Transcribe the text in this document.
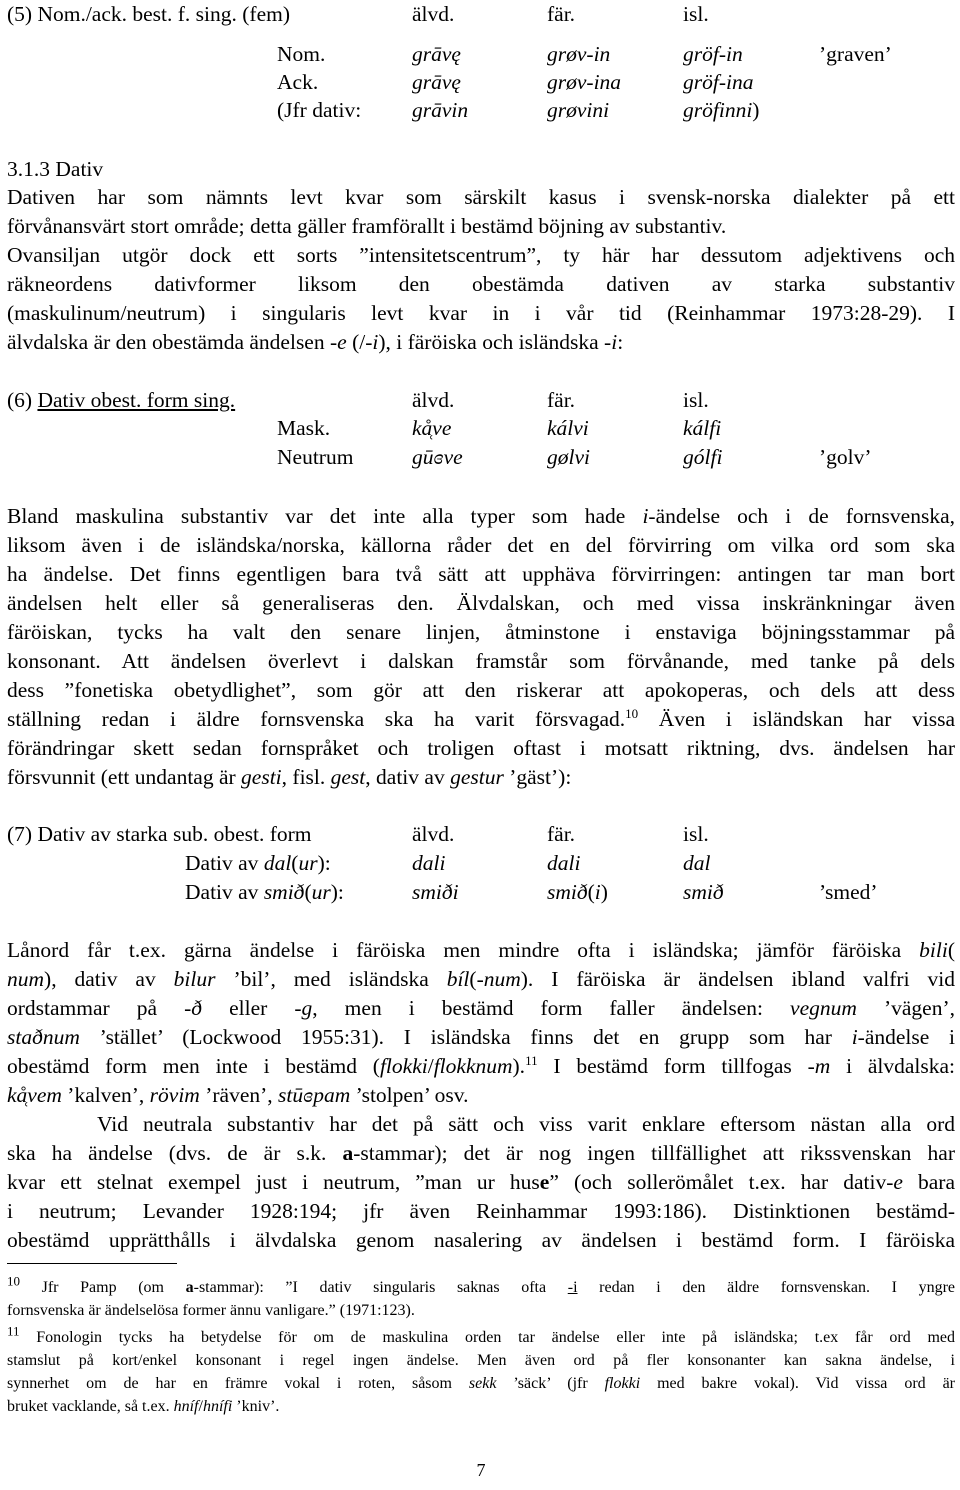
(5) Nom./ack. best. f. sing. (fem)	älvd.	fär.	isl.
Nom.	grāvę	grøv-in	gröf-in	’graven’
Ack.	grāvę	grøv-ina	gröf-ina
(Jfr dativ: grāvin	grøvini	gröfinni)
3.1.3 Dativ
Dativen har som nämnts levt kvar som särskilt kasus i svensk-norska dialekter på ett
förvånansvärt stort område; detta gäller framförallt i bestämd böjning av substantiv.
Ovansiljan utgör dock ett sorts ”intensitetscentrum”, ty här har dessutom adjektivens och
räkneordens dativformer liksom den obestämda dativen av starka substantiv
(maskulinum/neutrum) i singularis levt kvar in i vår tid (Reinhammar 1973:28-29). I
älvdalska är den obestämda ändelsen -e (/-i), i färöiska och isländska -i:
(6) Dativ obest. form sing.	älvd.	fär.	isl.
Mask.	kå̜ve	kálvi	kálfi
Neutrum	gūɞve	gølvi	gólfi	’golv’
Bland maskulina substantiv var det inte alla typer som hade i-ändelse och i de fornsvenska,
liksom även i de isländska/norska, källorna råder det en del förvirring om vilka ord som ska
ha ändelse. Det finns egentligen bara två sätt att upphäva förvirringen: antingen tar man bort
ändelsen helt eller så generaliseras den. Älvdalskan, och med vissa inskränkningar även
färöiskan, tycks ha valt den senare linjen, åtminstone i enstaviga böjningsstammar på
konsonant. Att ändelsen överlevt i dalskan framstår som förvånande, med tanke på dels
dess ”fonetiska obetydlighet”, som gör att den riskerar att apokoperas, och dels att dess
ställning redan i äldre fornsvenska ska ha varit försvagad.$^{10}$ Även i isländskan har vissa
förändringar skett sedan fornspråket och troligen oftast i motsatt riktning, dvs. ändelsen har
försvunnit (ett undantag är gesti, fisl. gest, dativ av gestur ’gäst’):
(7) Dativ av starka sub. obest. form	älvd.	fär.	isl.
Dativ av dal(ur):	dali	dali	dal
Dativ av smið(ur):	smiði	smið(i)	smið	’smed’
Lånord får t.ex. gärna ändelse i färöiska men mindre ofta i isländska; jämför färöiska bili(
num), dativ av bilur ’bil’, med isländska bíl(-num). I färöiska är ändelsen ibland valfri vid
ordstammar på -ð eller -g, men i bestämd form faller ändelsen: vegnum ’vägen’,
staðnum ’stället’ (Lockwood 1955:31). I isländska finns det en grupp som har i-ändelse i
obestämd form men inte i bestämd (flokki/flokknum).$^{11}$ I bestämd form tillfogas -m i älvdalska:
kå̜vem ’kalven’, rövim ’räven’, stūɞpam ’stolpen’ osv.
Vid neutrala substantiv har det på sätt och viss varit enklare eftersom nästan alla ord
ska ha ändelse (dvs. de är s.k. a-stammar); det är nog ingen tillfällighet att rikssvenskan har
kvar ett stelnat exempel just i neutrum, ”man ur huse” (och sollerömålet t.ex. har dativ-e bara
i neutrum; Levander 1928:194; jfr även Reinhammar 1993:186). Distinktionen bestämd-
obestämd upprätthålls i älvdalska genom nasalering av ändelsen i bestämd form. I färöiska
$^{10}$ Jfr Pamp (om a-stammar): ”I dativ singularis saknas ofta -i redan i den äldre fornsvenskan. I yngre
fornsvenska är ändelselösa former ännu vanligare.” (1971:123).
$^{11}$ Fonologin tycks ha betydelse för om de maskulina orden tar ändelse eller inte på isländska; t.ex får ord med
stamslut på kort/enkel konsonant i regel ingen ändelse. Men även ord på fler konsonanter kan sakna ändelse, i
synnerhet om de har en främre vokal i roten, såsom sekk ’säck’ (jfr flokki med bakre vokal). Vid vissa ord är
bruket vacklande, så t.ex. hníf/hnífi ’kniv’.
7
